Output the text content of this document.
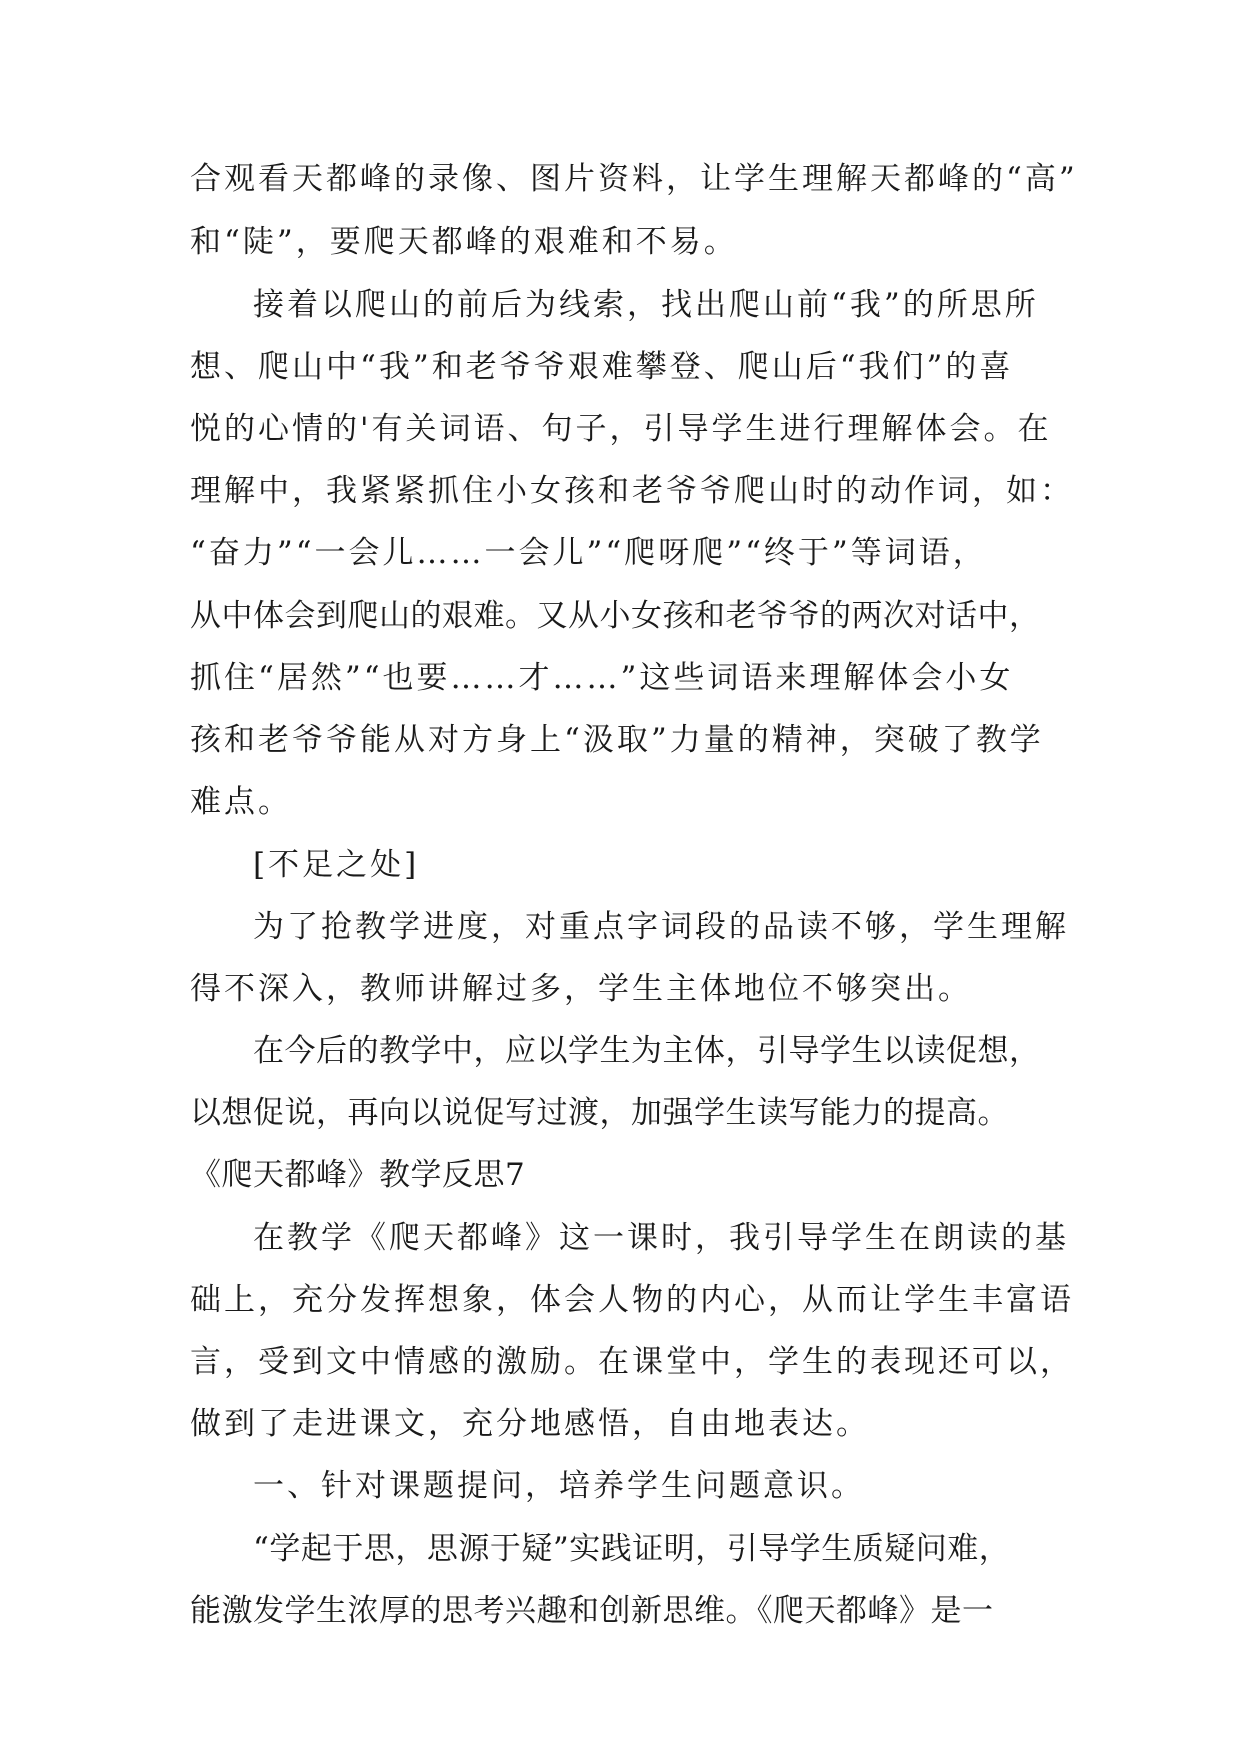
合观看天都峰的录像、图片资料，让学生理解天都峰的“高”
和“陡”，要爬天都峰的艰难和不易。
接着以爬山的前后为线索，找出爬山前“我”的所思所
想、爬山中“我”和老爷爷艰难攀登、爬山后“我们”的喜
悦的心情的'有关词语、句子，引导学生进行理解体会。在
理解中，我紧紧抓住小女孩和老爷爷爬山时的动作词，如：
“奋力”“一会儿……一会儿”“爬呀爬”“终于”等词语，
从中体会到爬山的艰难。又从小女孩和老爷爷的两次对话中，
抓住“居然”“也要……才……”这些词语来理解体会小女
孩和老爷爷能从对方身上“汲取”力量的精神，突破了教学
难点。
[不足之处]
为了抢教学进度，对重点字词段的品读不够，学生理解
得不深入，教师讲解过多，学生主体地位不够突出。
在今后的教学中，应以学生为主体，引导学生以读促想，
以想促说，再向以说促写过渡，加强学生读写能力的提高。
《爬天都峰》教学反思7
在教学《爬天都峰》这一课时，我引导学生在朗读的基
础上，充分发挥想象，体会人物的内心，从而让学生丰富语
言，受到文中情感的激励。在课堂中，学生的表现还可以，
做到了走进课文，充分地感悟，自由地表达。
一、针对课题提问，培养学生问题意识。
“学起于思，思源于疑”实践证明，引导学生质疑问难，
能激发学生浓厚的思考兴趣和创新思维。《爬天都峰》是一
